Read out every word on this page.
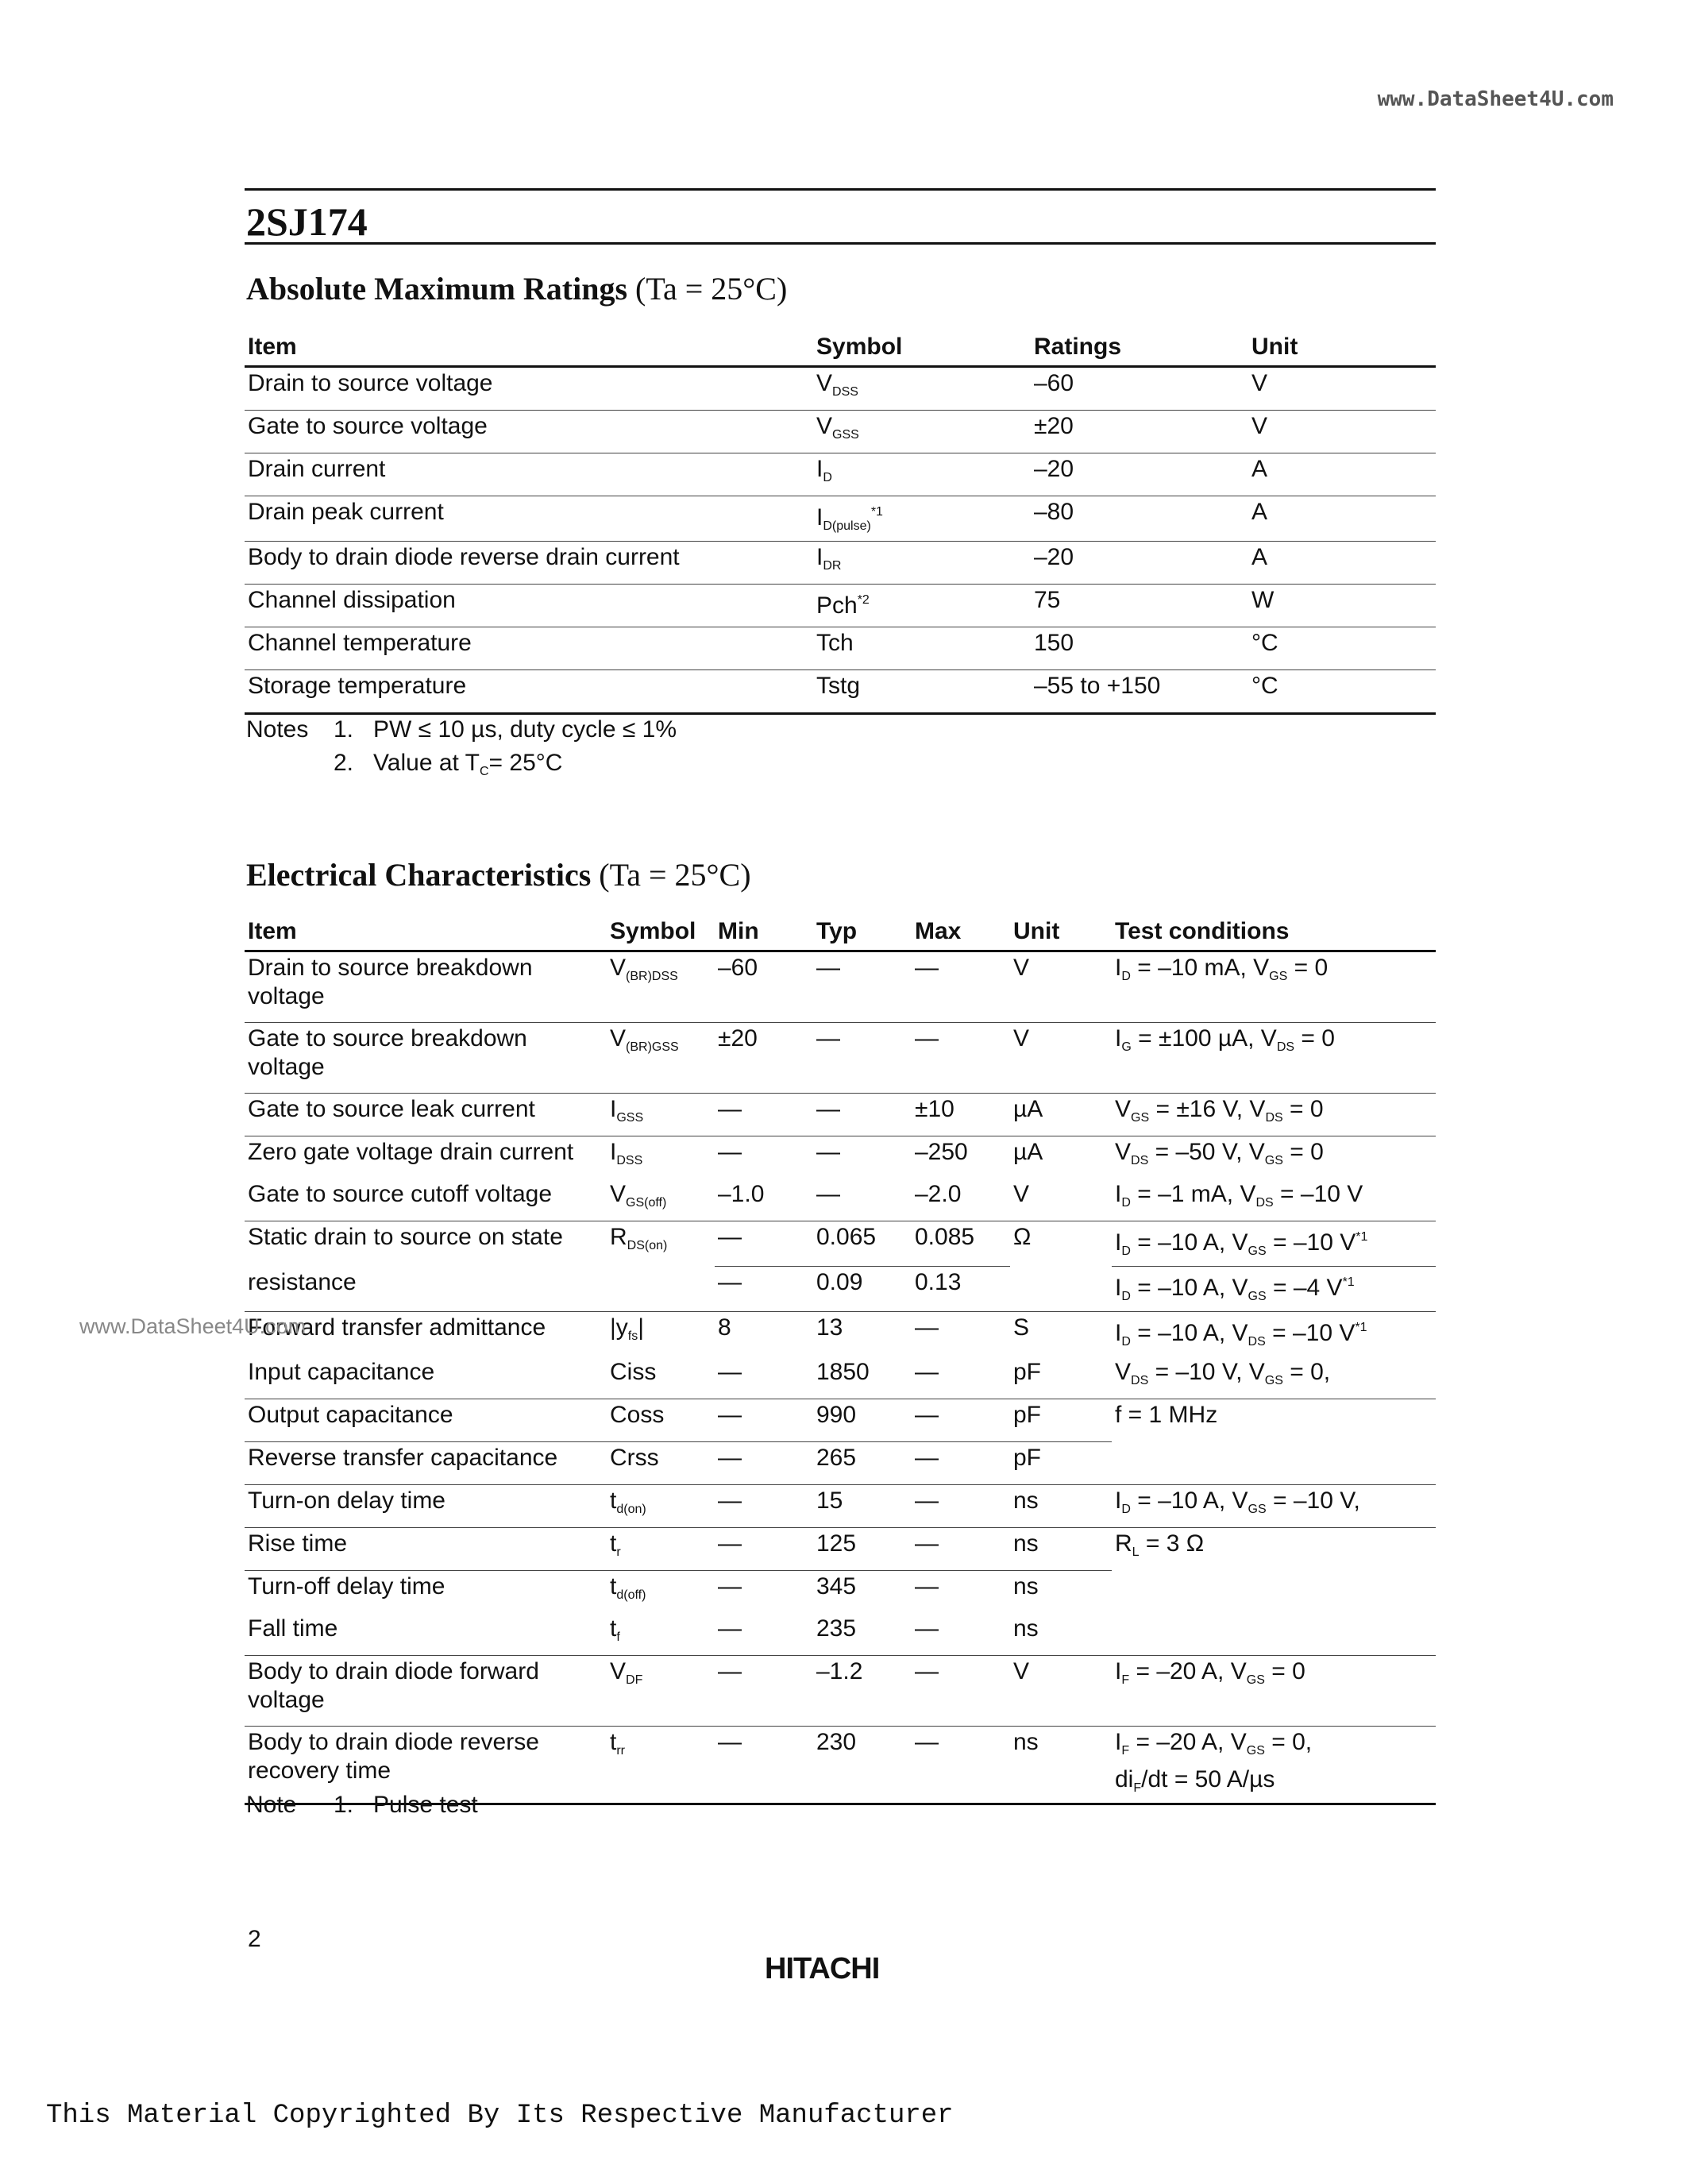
www.DataSheet4U.com
2SJ174
Absolute Maximum Ratings (Ta = 25°C)
Item	Symbol	Ratings	Unit
Drain to source voltage	$V_{DSS}$	–60	V
Gate to source voltage	$V_{GSS}$	±20	V
Drain current	$I_D$	–20	A
Drain peak current	$I_{D(pulse)}^{*1}$	–80	A
Body to drain diode reverse drain current	$I_{DR}$	–20	A
Channel dissipation	Pch$^{*2}$	75	W
Channel temperature	Tch	150	°C
Storage temperature	Tstg	–55 to +150	°C
Notes 1. PW ≤ 10 µs, duty cycle ≤ 1%
2. Value at TC= 25°C
Electrical Characteristics (Ta = 25°C)
Item	Symbol	Min	Typ	Max	Unit	Test conditions
Drain to source breakdown voltage	$V_{(BR)DSS}$	–60	—	—	V	$I_D = -10$ mA, $V_{GS} = 0$
Gate to source breakdown voltage	$V_{(BR)GSS}$	±20	—	—	V	$I_G = \pm 100$ µA, $V_{DS} = 0$
Gate to source leak current	$I_{GSS}$	—	—	±10	µA	$V_{GS} = \pm 16$ V, $V_{DS} = 0$
Zero gate voltage drain current	$I_{DSS}$	—	—	–250	µA	$V_{DS} = -50$ V, $V_{GS} = 0$
Gate to source cutoff voltage	$V_{GS(off)}$	–1.0	—	–2.0	V	$I_D = -1$ mA, $V_{DS} = -10$ V
Static drain to source on state	$R_{DS(on)}$	—	0.065	0.085	Ω	$I_D = -10$ A, $V_{GS} = -10$ $V^{*1}$
resistance		—	0.09	0.13		$I_D = -10$ A, $V_{GS} = -4$ $V^{*1}$
Forward transfer admittance	$|y_{fs}|$	8	13	—	S	$I_D = -10$ A, $V_{DS} = -10$ $V^{*1}$
Input capacitance	Ciss	—	1850	—	pF	$V_{DS} = -10$ V, $V_{GS} = 0$,
Output capacitance	Coss	—	990	—	pF	f = 1 MHz
Reverse transfer capacitance	Crss	—	265	—	pF	
Turn-on delay time	$t_{d(on)}$	—	15	—	ns	$I_D = -10$ A, $V_{GS} = -10$ V,
Rise time	$t_r$	—	125	—	ns	$R_L = 3$ Ω
Turn-off delay time	$t_{d(off)}$	—	345	—	ns	
Fall time	$t_f$	—	235	—	ns	
Body to drain diode forward voltage	$V_{DF}$	—	–1.2	—	V	$I_F = -20$ A, $V_{GS} = 0$
Body to drain diode reverse recovery time	$t_{rr}$	—	230	—	ns	$I_F = -20$ A, $V_{GS} = 0$,
$di_F/dt = 50$ A/µs
Note 1. Pulse test
www.DataSheet4U.com
2
HITACHI
This Material Copyrighted By Its Respective Manufacturer
